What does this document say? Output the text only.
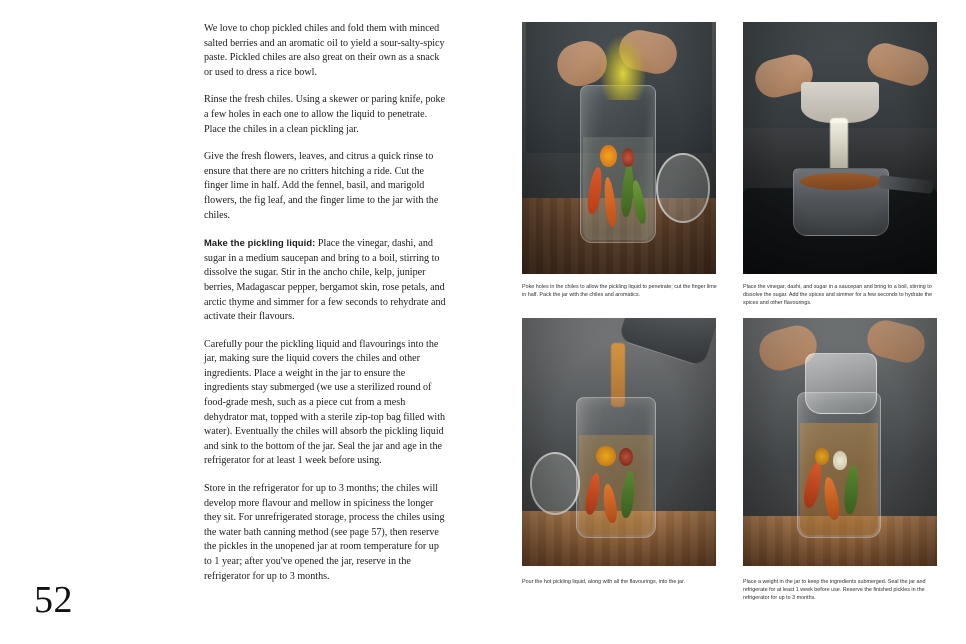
We love to chop pickled chiles and fold them with minced salted berries and an aromatic oil to yield a sour-salty-spicy paste. Pickled chiles are also great on their own as a snack or used to dress a rice bowl.

Rinse the fresh chiles. Using a skewer or paring knife, poke a few holes in each one to allow the liquid to penetrate. Place the chiles in a clean pickling jar.

Give the fresh flowers, leaves, and citrus a quick rinse to ensure that there are no critters hitching a ride. Cut the finger lime in half. Add the fennel, basil, and marigold flowers, the fig leaf, and the finger lime to the jar with the chiles.

Make the pickling liquid: Place the vinegar, dashi, and sugar in a medium saucepan and bring to a boil, stirring to dissolve the sugar. Stir in the ancho chile, kelp, juniper berries, Madagascar pepper, bergamot skin, rose petals, and arctic thyme and simmer for a few seconds to rehydrate and activate their flavours.

Carefully pour the pickling liquid and flavourings into the jar, making sure the liquid covers the chiles and other ingredients. Place a weight in the jar to ensure the ingredients stay submerged (we use a sterilized round of food-grade mesh, such as a piece cut from a mesh dehydrator mat, topped with a sterile zip-top bag filled with water). Eventually the chiles will absorb the pickling liquid and sink to the bottom of the jar. Seal the jar and age in the refrigerator for at least 1 week before using.

Store in the refrigerator for up to 3 months; the chiles will develop more flavour and mellow in spiciness the longer they sit. For unrefrigerated storage, process the chiles using the water bath canning method (see page 57), then reserve the pickles in the unopened jar at room temperature for up to 1 year; after you've opened the jar, reserve in the refrigerator for up to 3 months.

52
Poke holes in the chiles to allow the pickling liquid to penetrate; cut the finger lime in half. Pack the jar with the chiles and aromatics.
Place the vinegar, dashi, and sugar in a saucepan and bring to a boil, stirring to dissolve the sugar. Add the spices and simmer for a few seconds to hydrate the spices and other flavourings.
Pour the hot pickling liquid, along with all the flavourings, into the jar.	Place a weight in the jar to keep the ingredients submerged. Seal the jar and refrigerate for at least 1 week before use. Reserve the finished pickles in the refrigerator for up to 3 months.
